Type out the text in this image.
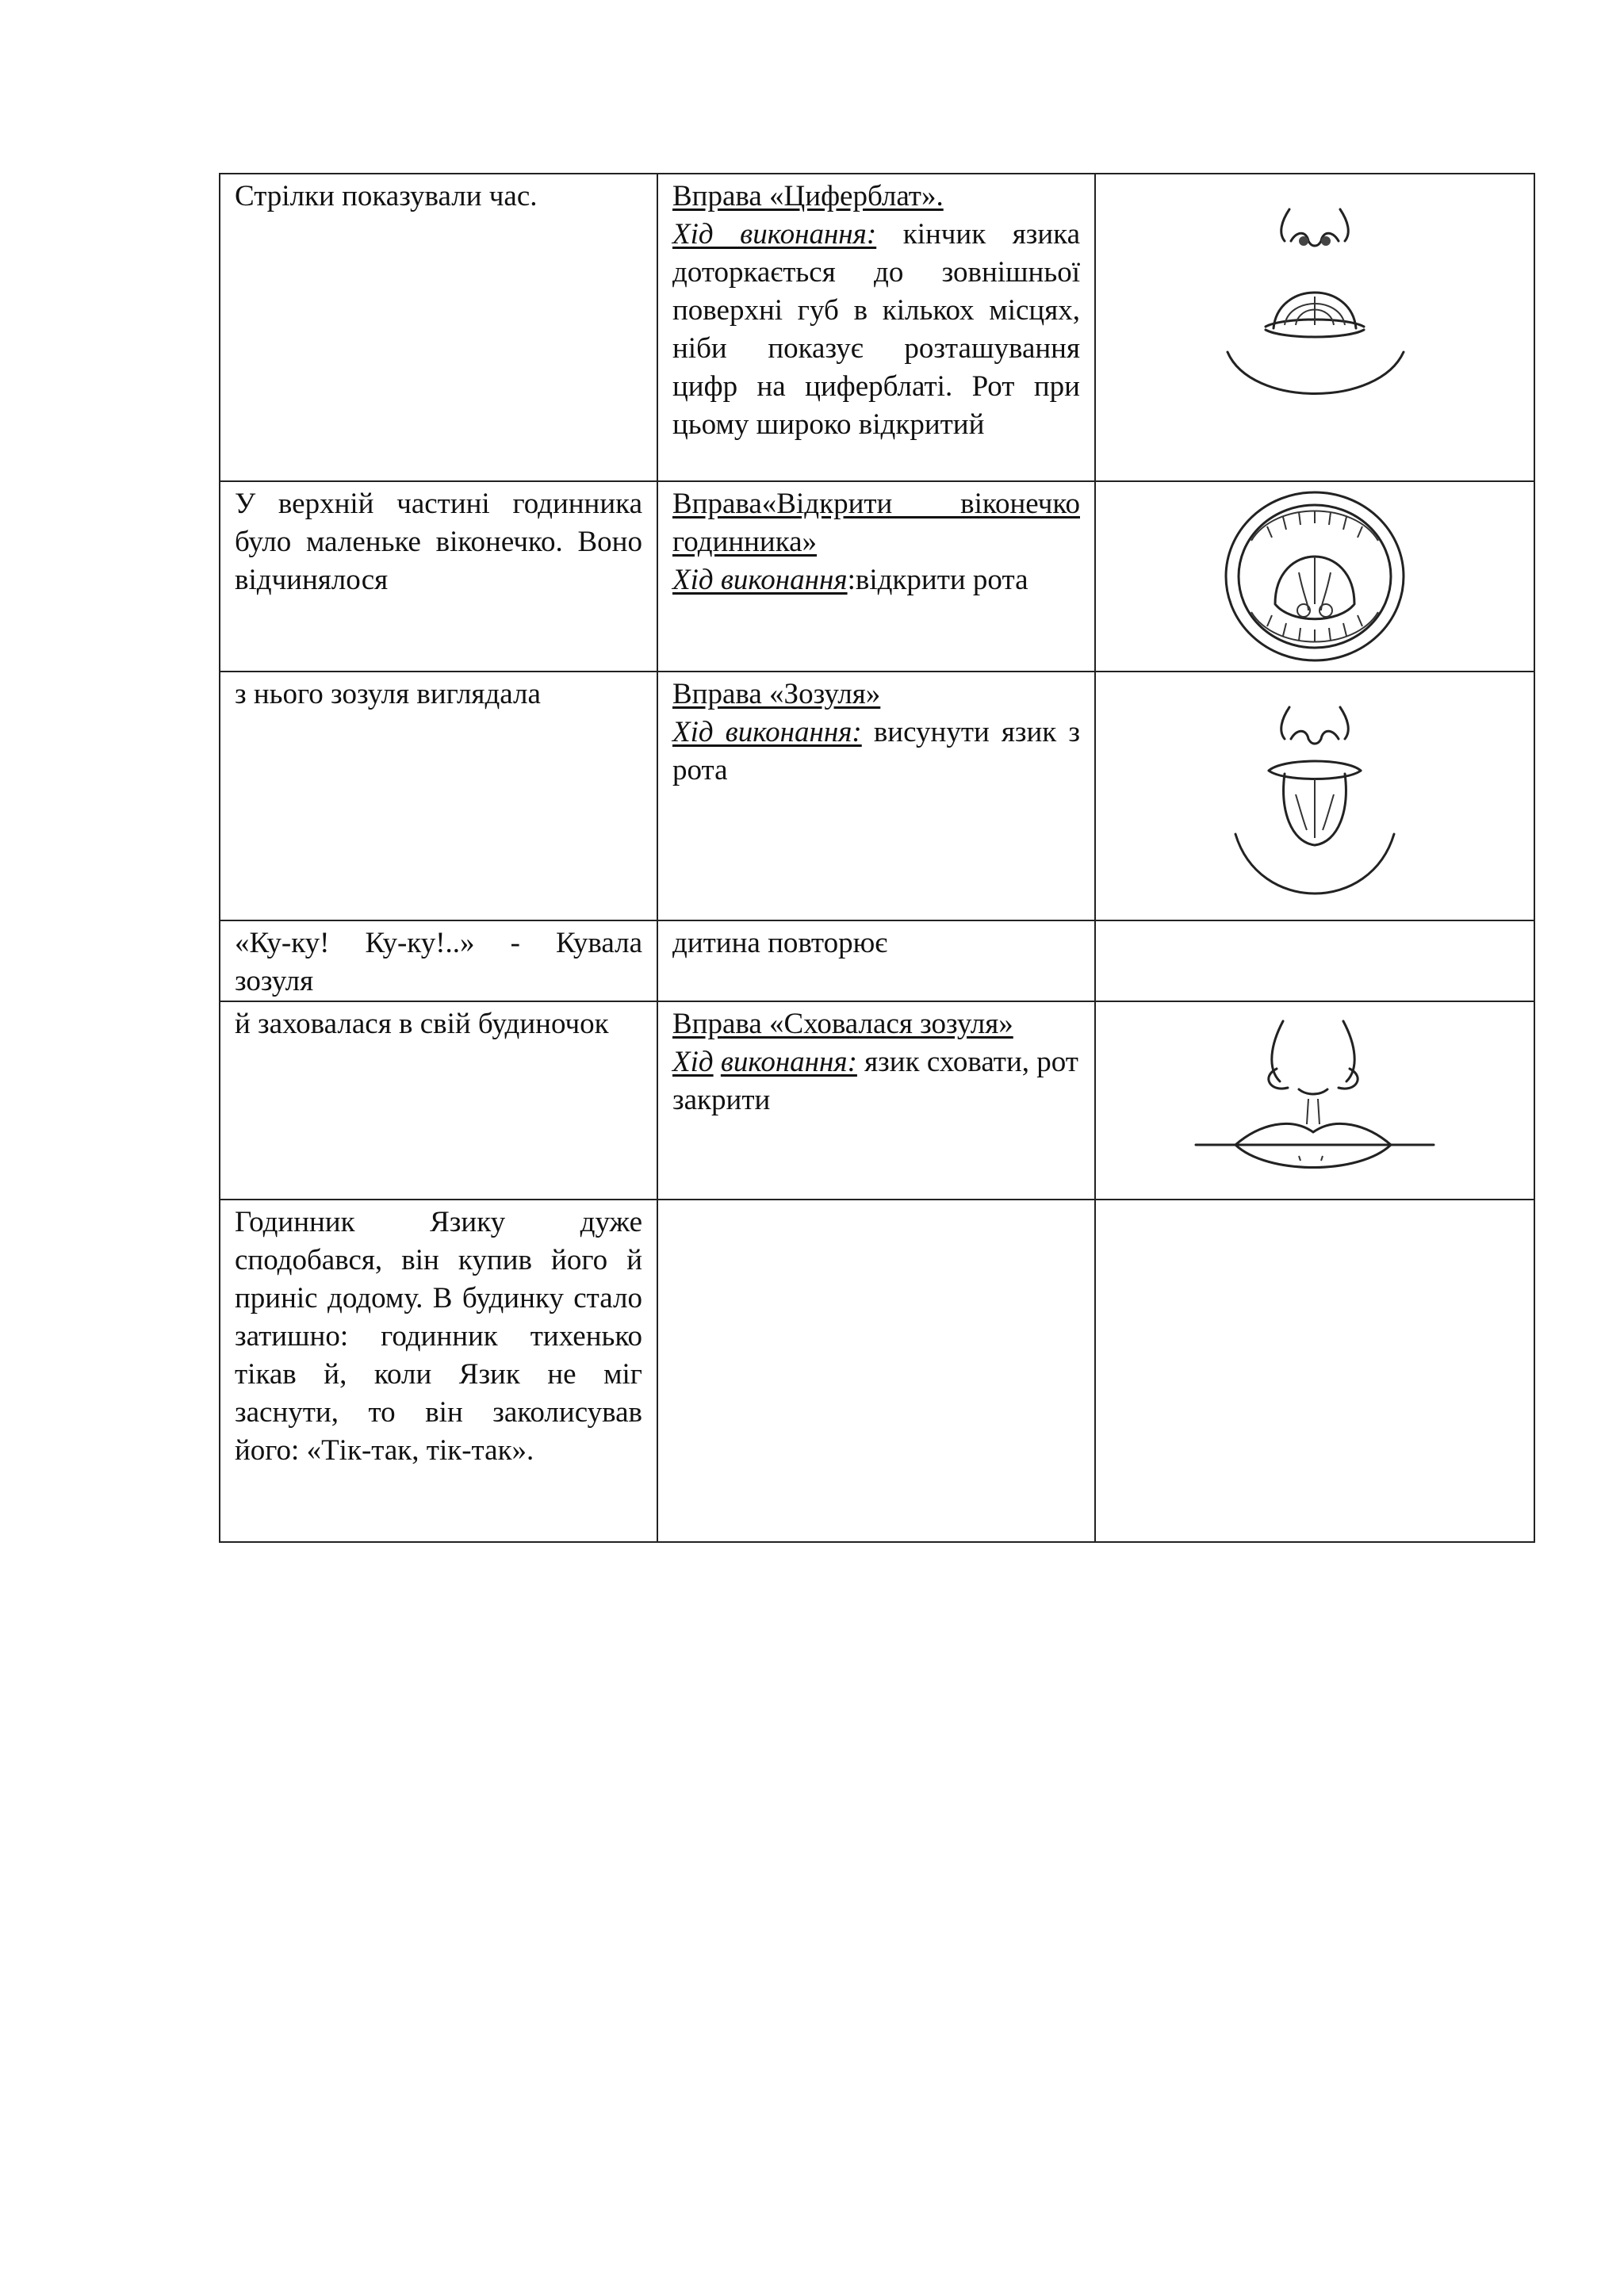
Стрілки показували час.	Вправа «Циферблат».
Хід виконання: кінчик язика доторкається до зовнішньої поверхні губ в кількох місцях, ніби показує розташування цифр на циферблаті. Рот при цьому широко відкритий	

У верхній частині годинника було маленьке віконечко. Воно відчинялося	Вправа«Відкрити віконечко годинника»
Хід виконання:відкрити рота	

з нього зозуля виглядала	Вправа «Зозуля»
Хід виконання: висунути язик з рота	

«Ку-ку! Ку-ку!..» - Кувала зозуля	дитина повторює	
й заховалася в свій будиночок	Вправа «Сховалася зозуля»
Хід виконання: язик сховати, рот закрити	

Годинник Язику дуже сподобався, він купив його й приніс додому. В будинку стало затишно: годинник тихенько тікав й, коли Язик не міг заснути, то він заколисував його: «Тік-так, тік-так».		
